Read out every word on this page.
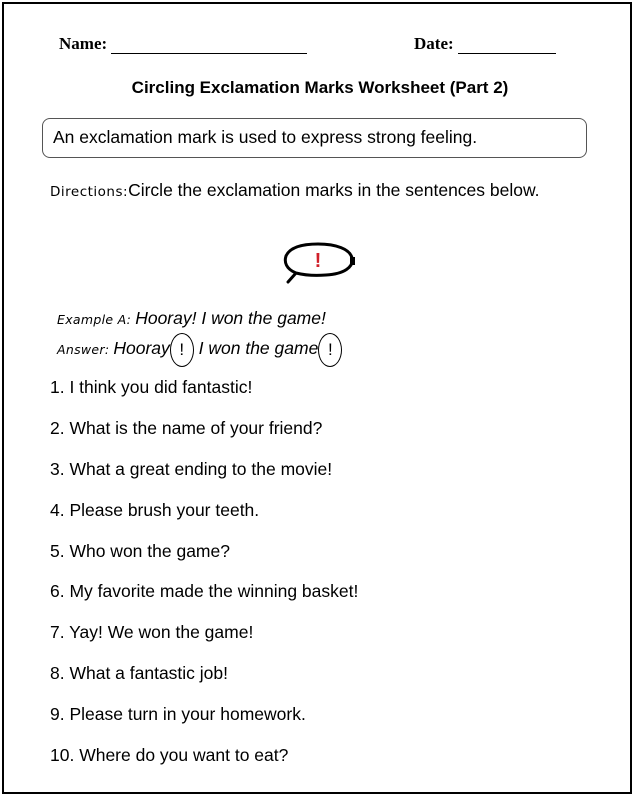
Name:	Date:
Circling Exclamation Marks Worksheet (Part 2)
An exclamation mark is used to express strong feeling.
Directions:Circle the exclamation marks in the sentences below.
!
Example A: Hooray! I won the game!
Answer: Hooray ! I won the game !
1. I think you did fantastic!
2. What is the name of your friend?
3. What a great ending to the movie!
4. Please brush your teeth.
5. Who won the game?
6. My favorite made the winning basket!
7. Yay! We won the game!
8. What a fantastic job!
9. Please turn in your homework.
10. Where do you want to eat?
